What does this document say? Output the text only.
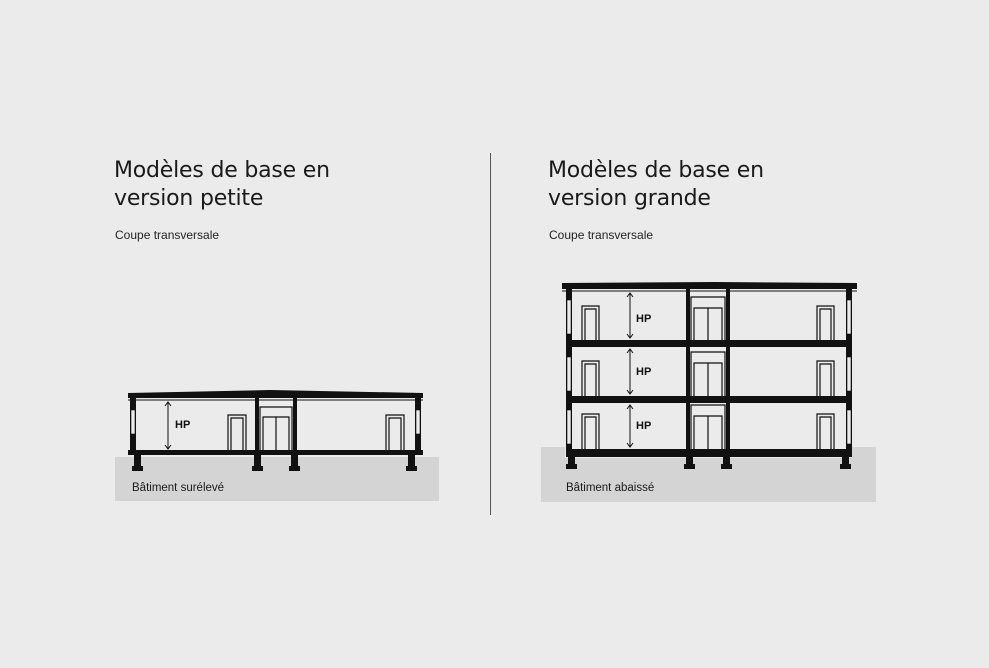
Modèles de base en
version petite
Coupe transversale
HP
Bâtiment surélevé
Modèles de base en
version grande
Coupe transversale
HP
HP
HP
Bâtiment abaissé
